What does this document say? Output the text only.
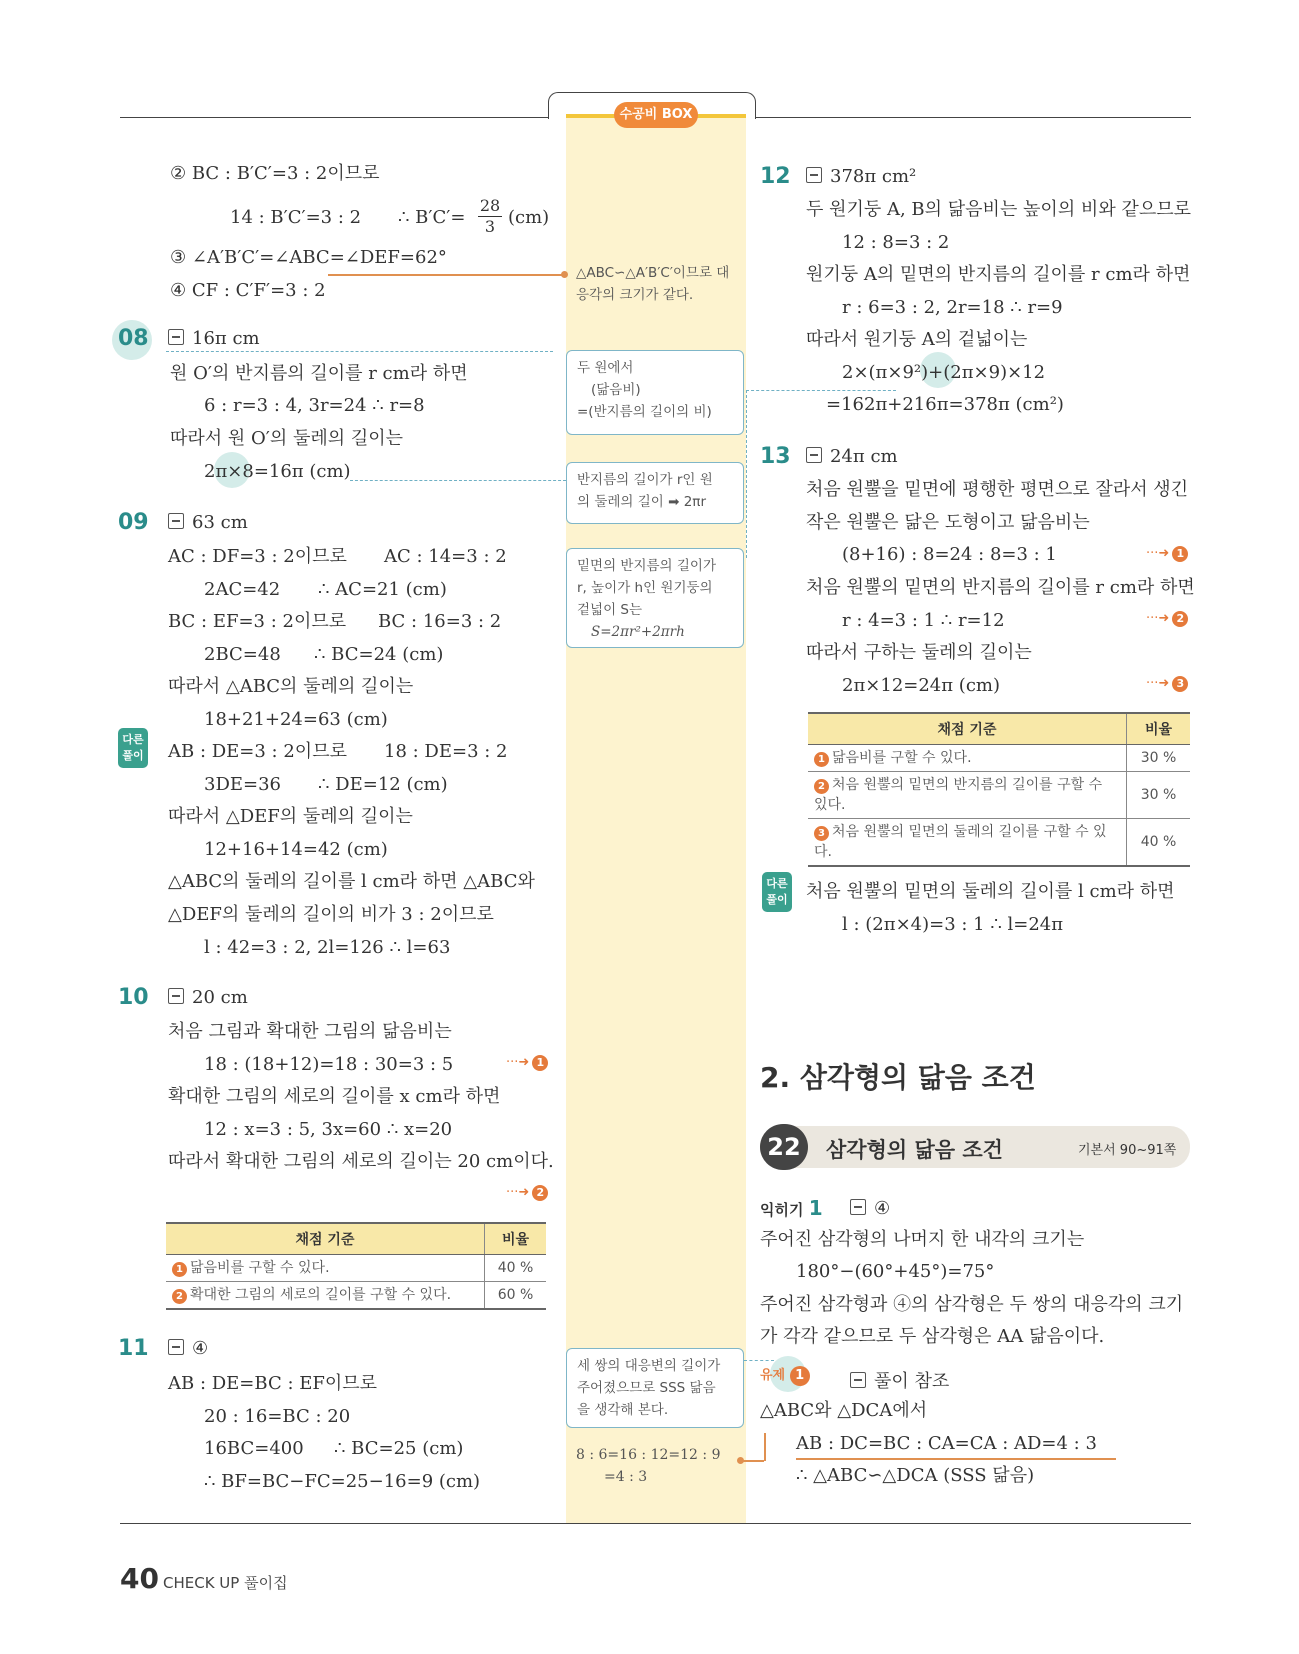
수공비 BOX
40 CHECK UP 풀이집
② BC : B′C′=3 : 2이므로
14 : B′C′=3 : 2 ∴ $B'C'= \frac{28}{3} (cm)$
③ ∠A′B′C′=∠ABC=∠DEF=62°
④ CF : C′F′=3 : 2
08	16π cm
원 O′의 반지름의 길이를 r cm라 하면
6 : r=3 : 4, 3r=24 ∴ r=8
따라서 원 O′의 둘레의 길이는
2π×8=16π (cm)
09	63 cm
AC : DF=3 : 2이므로 AC : 14=3 : 2
2AC=42 ∴ AC=21 (cm)
BC : EF=3 : 2이므로 BC : 16=3 : 2
2BC=48 ∴ BC=24 (cm)
따라서 △ABC의 둘레의 길이는
18+21+24=63 (cm)
다른 풀이 AB : DE=3 : 2이므로 18 : DE=3 : 2
3DE=36 ∴ DE=12 (cm)
따라서 △DEF의 둘레의 길이는
12+16+14=42 (cm)
△ABC의 둘레의 길이를 l cm라 하면 △ABC와
△DEF의 둘레의 길이의 비가 3 : 2이므로
l : 42=3 : 2, 2l=126 ∴ l=63
10	20 cm
처음 그림과 확대한 그림의 닮음비는
18 : (18+12)=18 : 30=3 : 5	···➜ 1
확대한 그림의 세로의 길이를 x cm라 하면
12 : x=3 : 5, 3x=60 ∴ x=20
따라서 확대한 그림의 세로의 길이는 20 cm이다.
···➜ 2
채점 기준	비율
1 닮음비를 구할 수 있다.	40 %
2 확대한 그림의 세로의 길이를 구할 수 있다.	60 %
11	④
AB : DE=BC : EF이므로
20 : 16=BC : 20
16BC=400 ∴ BC=25 (cm)
∴ BF=BC−FC=25−16=9 (cm)
△ABC∽△A′B′C′이므로 대응각의 크기가 같다.
두 원에서
(닮음비)
=(반지름의 길이의 비)
반지름의 길이가 r인 원
의 둘레의 길이 ➡ 2πr
밑면의 반지름의 길이가
r, 높이가 h인 원기둥의
겉넓이 S는
S=2πr²+2πrh
세 쌍의 대응변의 길이가
주어졌으므로 SSS 닮음
을 생각해 본다.
8 : 6=16 : 12=12 : 9
=4 : 3
12	378π cm²
두 원기둥 A, B의 닮음비는 높이의 비와 같으므로
12 : 8=3 : 2
원기둥 A의 밑면의 반지름의 길이를 r cm라 하면
r : 6=3 : 2, 2r=18 ∴ r=9
따라서 원기둥 A의 겉넓이는
2×(π×9²)+(2π×9)×12
=162π+216π=378π (cm²)
13	24π cm
처음 원뿔을 밑면에 평행한 평면으로 잘라서 생긴
작은 원뿔은 닮은 도형이고 닮음비는
(8+16) : 8=24 : 8=3 : 1	···➜ 1
처음 원뿔의 밑면의 반지름의 길이를 r cm라 하면
r : 4=3 : 1 ∴ r=12	···➜ 2
따라서 구하는 둘레의 길이는
2π×12=24π (cm)	···➜ 3
채점 기준	비율
1 닮음비를 구할 수 있다.	30 %
2 처음 원뿔의 밑면의 반지름의 길이를 구할 수 있다.	30 %
3 처음 원뿔의 밑면의 둘레의 길이를 구할 수 있다.	40 %
다른 풀이 처음 원뿔의 밑면의 둘레의 길이를 l cm라 하면
l : (2π×4)=3 : 1 ∴ l=24π
2. 삼각형의 닮음 조건
22	삼각형의 닮음 조건	기본서 90~91쪽
익히기 1	④
주어진 삼각형의 나머지 한 내각의 크기는
180°−(60°+45°)=75°
주어진 삼각형과 ④의 삼각형은 두 쌍의 대응각의 크기
가 각각 같으므로 두 삼각형은 AA 닮음이다.
유제 1	풀이 참조
△ABC와 △DCA에서
AB : DC=BC : CA=CA : AD=4 : 3
∴ △ABC∽△DCA (SSS 닮음)
